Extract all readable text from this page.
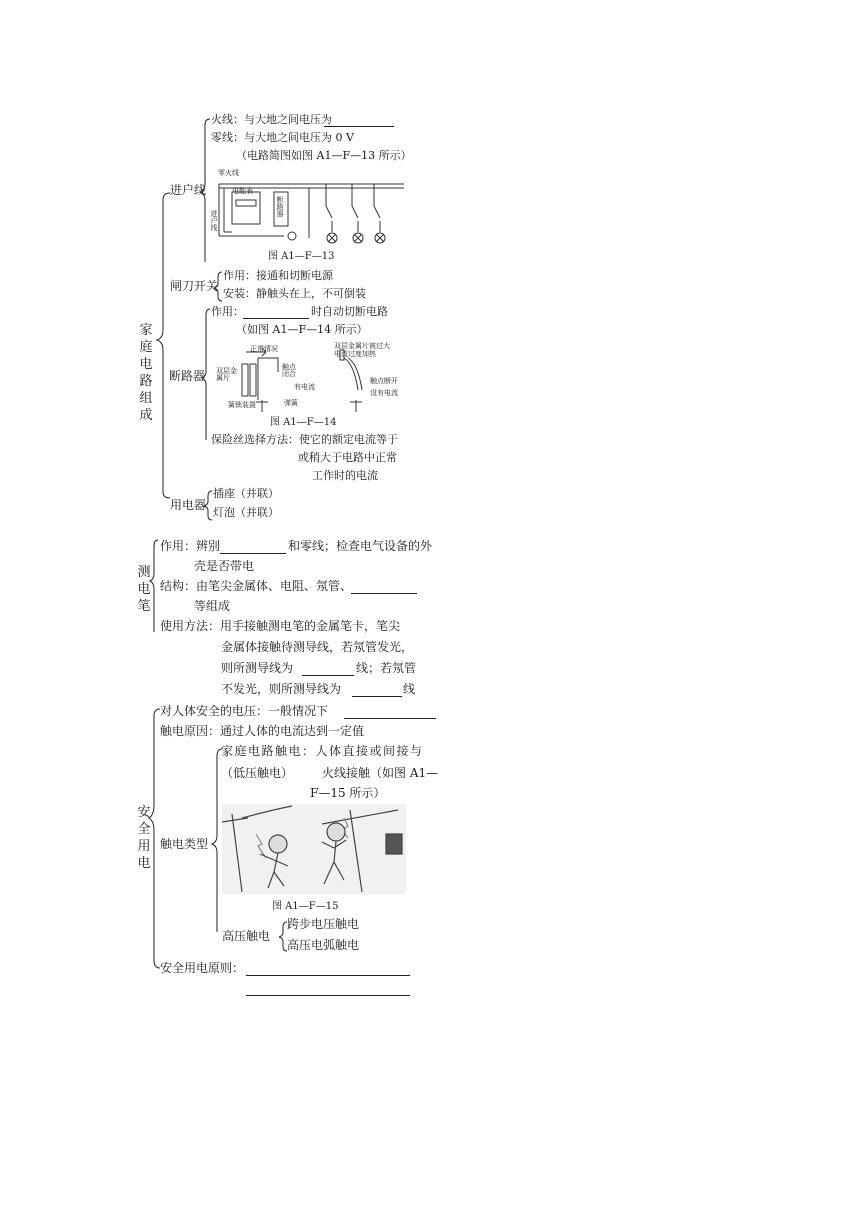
家庭电路组成
进户线
火线：与大地之间电压为
零线：与大地之间电压为 0 V
（电路简图如图 A1—F—13 所示）
零火线
电能表
进户线
断路器
图 A1—F—13
闸刀开关
作用：接通和切断电源
安装：静触头在上，不可倒装
断路器
作用：	时自动切断电路
（如图 A1—F—14 所示）
正常情况
双层金属片
触点闭合
有电流
簧锁装置	弹簧
双层金属片被过大电流过度加热
触点断开
没有电流
图 A1—F—14
保险丝选择方法：使它的额定电流等于
或稍大于电路中正常
工作时的电流
用电器
插座（并联）
灯泡（并联）
测电笔
作用：辨别	和零线；检查电气设备的外
壳是否带电
结构：由笔尖金属体、电阻、氖管、
等组成
使用方法：用手接触测电笔的金属笔卡，笔尖
金属体接触待测导线，若氖管发光，
则所测导线为	线；若氖管
不发光，则所测导线为	线
安全用电
对人体安全的电压：一般情况下
触电原因：通过人体的电流达到一定值
触电类型
家庭电路触电：人体直接或间接与
（低压触电） 火线接触（如图 A1—
F—15 所示）
图 A1—F—15
高压触电
跨步电压触电
高压电弧触电
安全用电原则：
